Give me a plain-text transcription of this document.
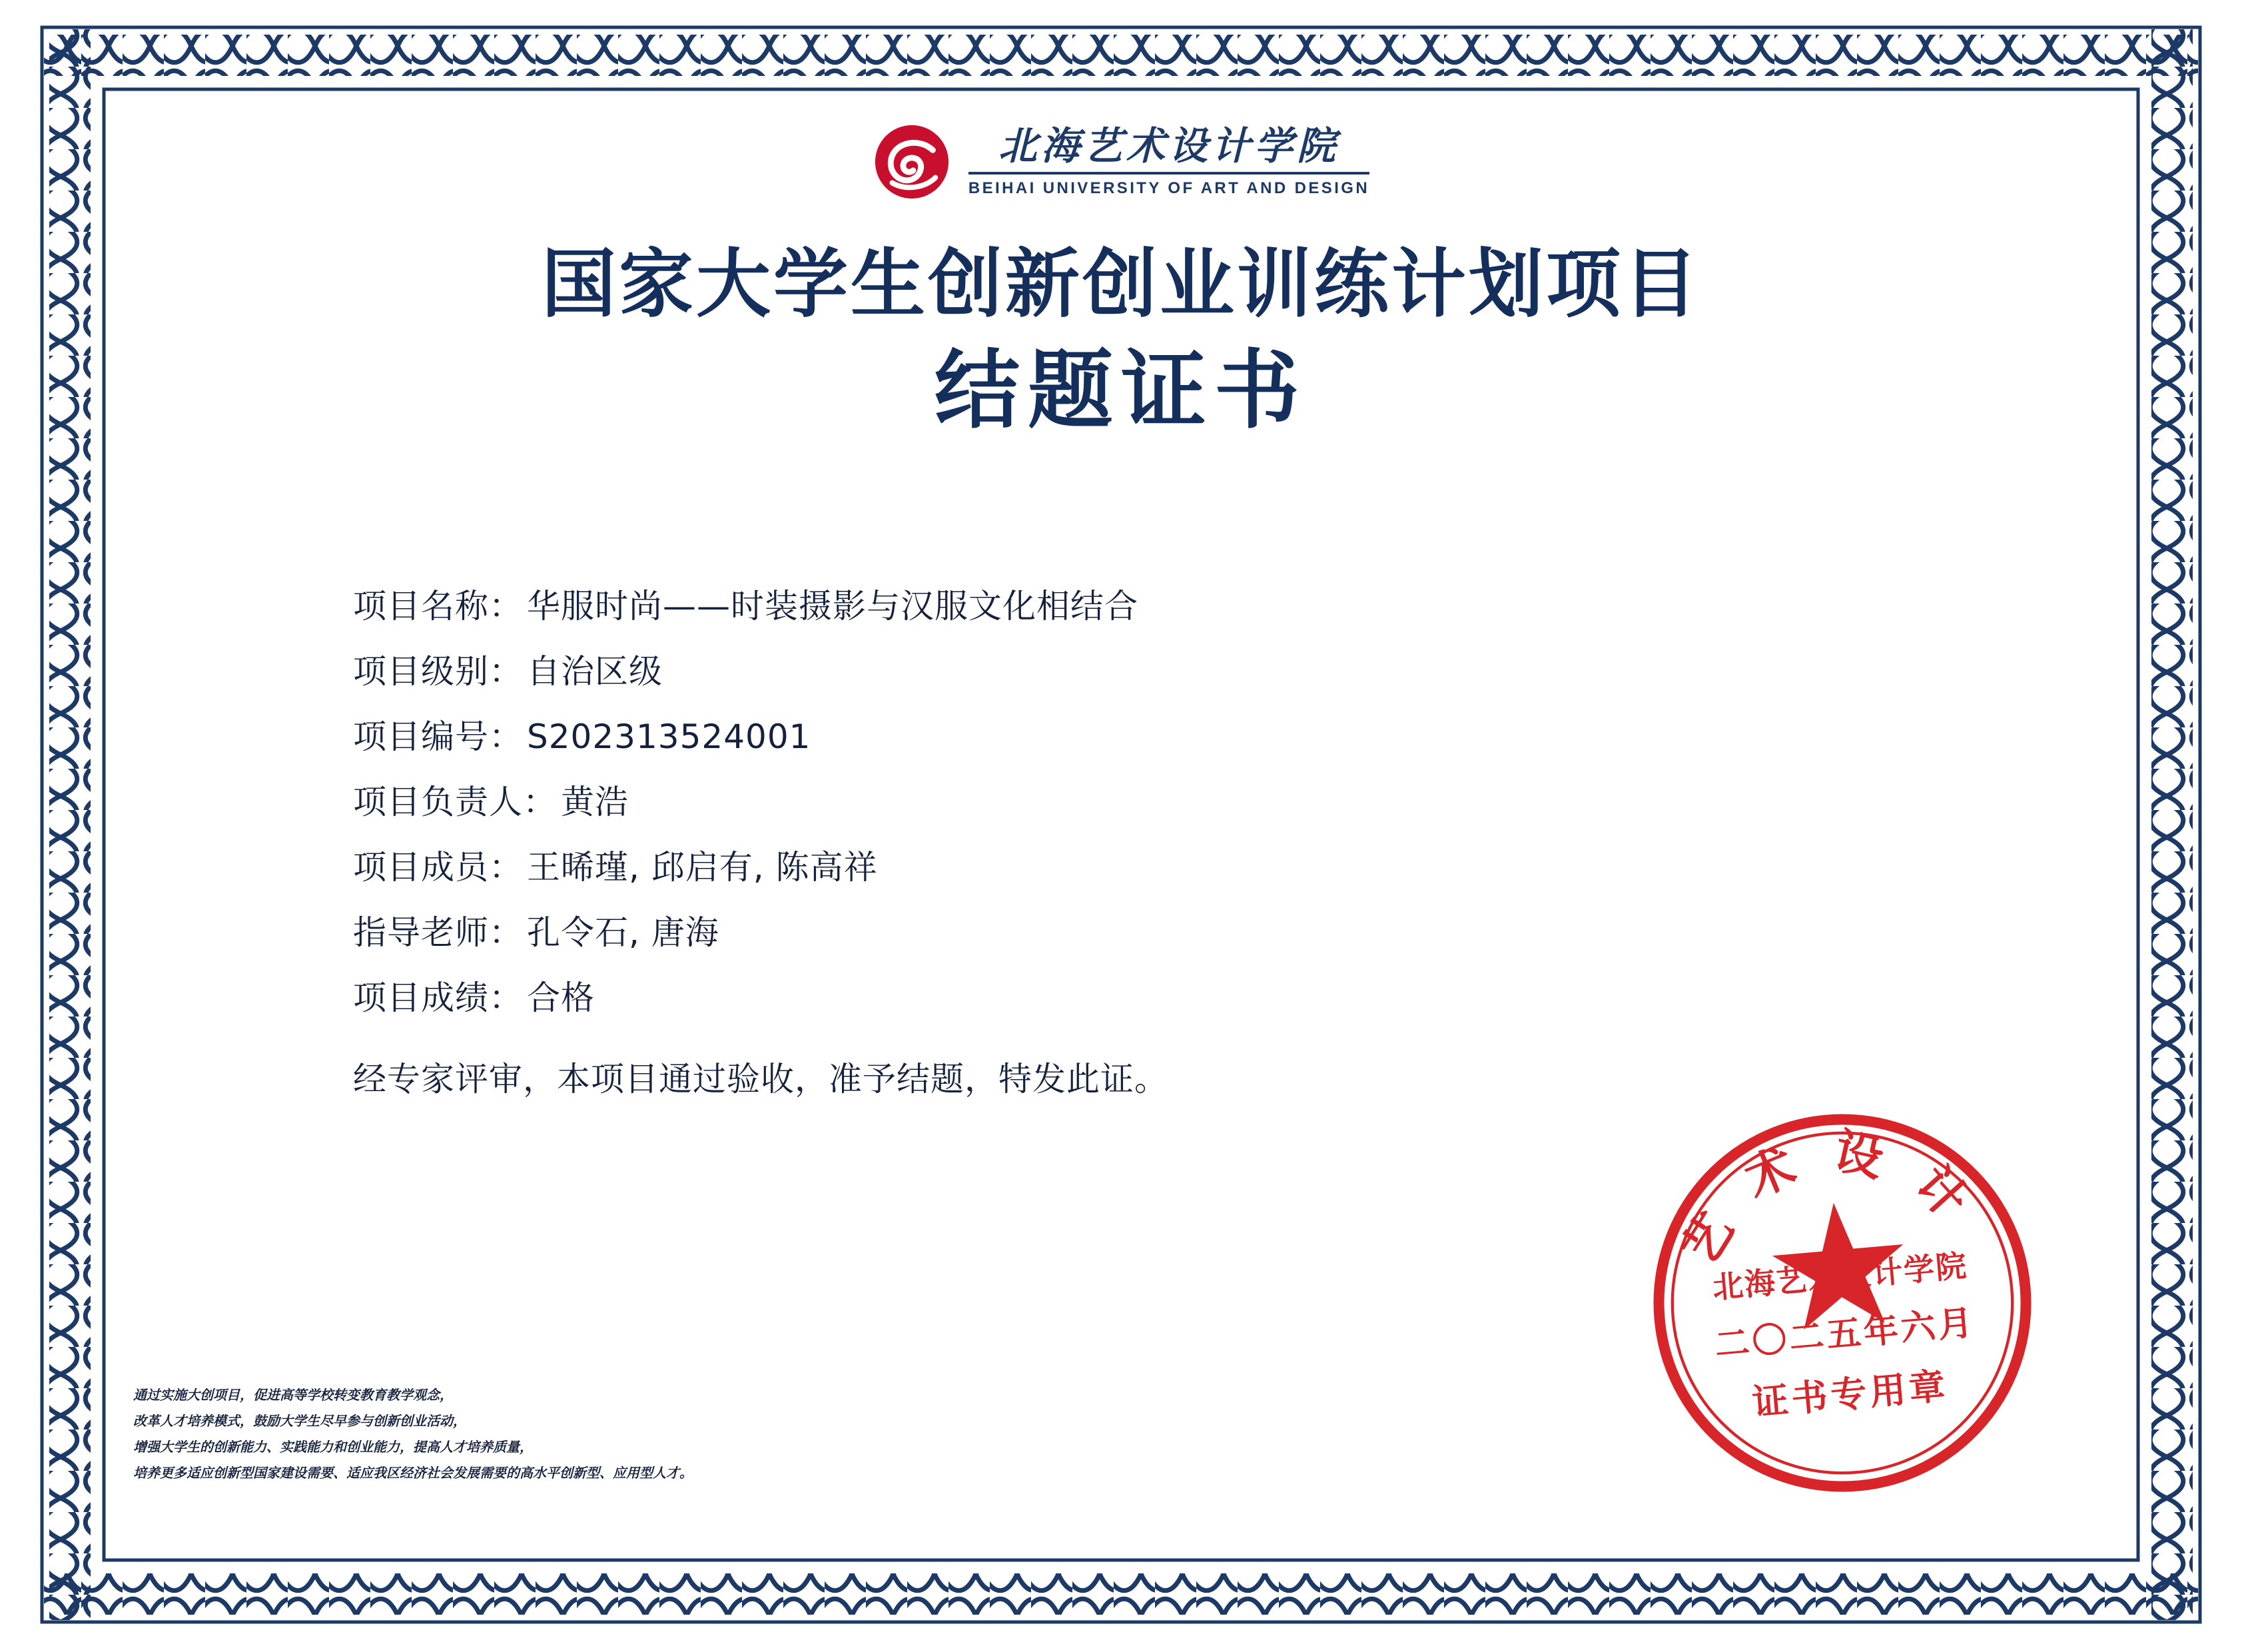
北海艺术设计学院
BEIHAI UNIVERSITY OF ART AND DESIGN
国家大学生创新创业训练计划项目
结题证书
项目名称： 华服时尚——时装摄影与汉服文化相结合
项目级别： 自治区级
项目编号： S202313524001
项目负责人： 黄浩
项目成员： 王晞瑾, 邱启有, 陈高祥
指导老师： 孔令石, 唐海
项目成绩： 合格
经专家评审，本项目通过验收，准予结题，特发此证。
通过实施大创项目，促进高等学校转变教育教学观念，
改革人才培养模式，鼓励大学生尽早参与创新创业活动，
增强大学生的创新能力、实践能力和创业能力，提高人才培养质量，
培养更多适应创新型国家建设需要、适应我区经济社会发展需要的高水平创新型、应用型人才。
艺术设计
北海艺术设计学院
二〇二五年六月
证书专用章
